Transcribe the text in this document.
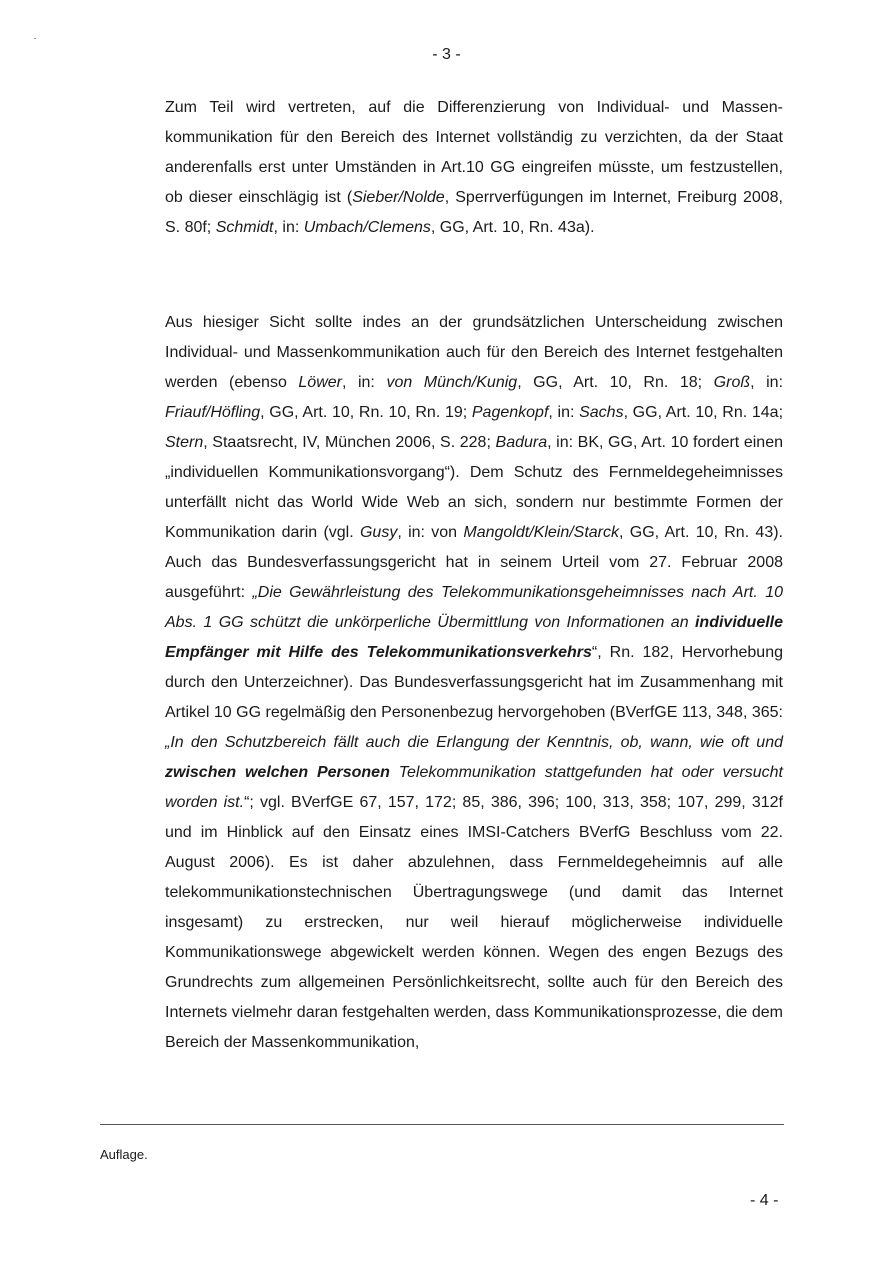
- 3 -

Zum Teil wird vertreten, auf die Differenzierung von Individual- und Massenkommunikation für den Bereich des Internet vollständig zu verzichten, da der Staat anderenfalls erst unter Umständen in Art.10 GG eingreifen müsste, um festzustellen, ob dieser einschlägig ist (Sieber/Nolde, Sperrverfügungen im Internet, Freiburg 2008, S. 80f; Schmidt, in: Umbach/Clemens, GG, Art. 10, Rn. 43a).

Aus hiesiger Sicht sollte indes an der grundsätzlichen Unterscheidung zwischen Individual- und Massenkommunikation auch für den Bereich des Internet festgehalten werden (ebenso Löwer, in: von Münch/Kunig, GG, Art. 10, Rn. 18; Groß, in: Friauf/Höfling, GG, Art. 10, Rn. 10, Rn. 19; Pagenkopf, in: Sachs, GG, Art. 10, Rn. 14a; Stern, Staatsrecht, IV, München 2006, S. 228; Badura, in: BK, GG, Art. 10 fordert einen „individuellen Kommunikationsvorgang“). Dem Schutz des Fernmeldegeheimnisses unterfällt nicht das World Wide Web an sich, sondern nur bestimmte Formen der Kommunikation darin (vgl. Gusy, in: von Mangoldt/Klein/Starck, GG, Art. 10, Rn. 43). Auch das Bundesverfassungsgericht hat in seinem Urteil vom 27. Februar 2008 ausgeführt: „Die Gewährleistung des Telekommunikationsgeheimnisses nach Art. 10 Abs. 1 GG schützt die unkörperliche Übermittlung von Informationen an individuelle Empfänger mit Hilfe des Telekommunikationsverkehrs“, Rn. 182, Hervorhebung durch den Unterzeichner). Das Bundesverfassungsgericht hat im Zusammenhang mit Artikel 10 GG regelmäßig den Personenbezug hervorgehoben (BVerfGE 113, 348, 365: „In den Schutzbereich fällt auch die Erlangung der Kenntnis, ob, wann, wie oft und zwischen welchen Personen Telekommunikation stattgefunden hat oder versucht worden ist.“; vgl. BVerfGE 67, 157, 172; 85, 386, 396; 100, 313, 358; 107, 299, 312f und im Hinblick auf den Einsatz eines IMSI-Catchers BVerfG Beschluss vom 22. August 2006). Es ist daher abzulehnen, dass Fernmeldegeheimnis auf alle telekommunikationstechnischen Übertragungswege (und damit das Internet insgesamt) zu erstrecken, nur weil hierauf möglicherweise individuelle Kommunikationswege abgewickelt werden können. Wegen des engen Bezugs des Grundrechts zum allgemeinen Persönlichkeitsrecht, sollte auch für den Bereich des Internets vielmehr daran festgehalten werden, dass Kommunikationsprozesse, die dem Bereich der Massenkommunikation,

Auflage.
- 4 -
